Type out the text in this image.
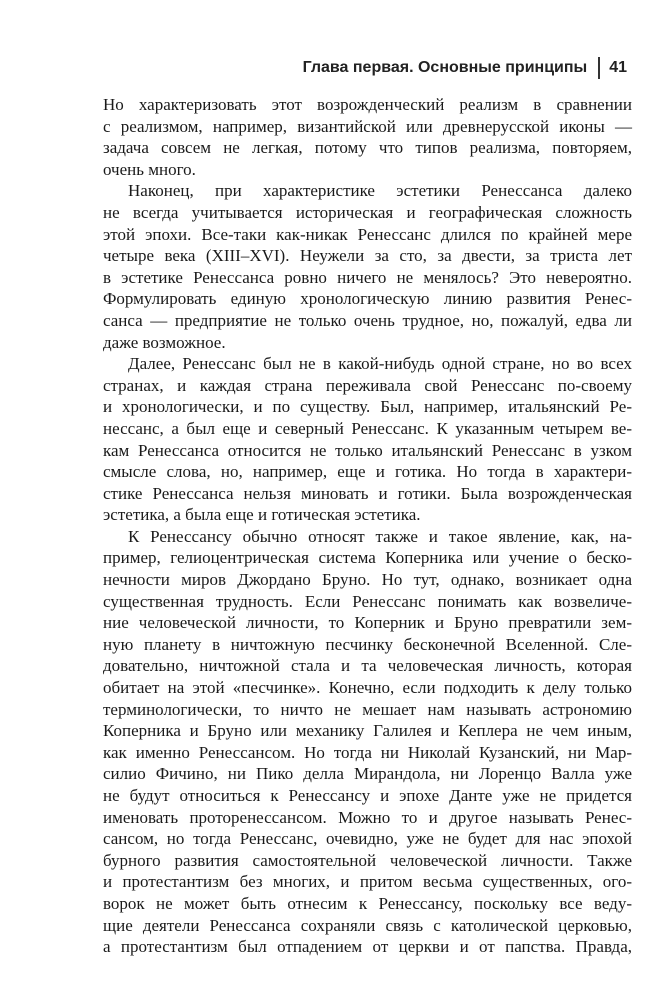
Глава первая. Основные принципы 41
Но характеризовать этот возрожденческий реализм в сравнении
с реализмом, например, византийской или древнерусской иконы —
задача совсем не легкая, потому что типов реализма, повторяем,
очень много.
Наконец, при характеристике эстетики Ренессанса далеко
не всегда учитывается историческая и географическая сложность
этой эпохи. Все-таки как-никак Ренессанс длился по крайней мере
четыре века (XIII–XVI). Неужели за сто, за двести, за триста лет
в эстетике Ренессанса ровно ничего не менялось? Это невероятно.
Формулировать единую хронологическую линию развития Ренес-
санса — предприятие не только очень трудное, но, пожалуй, едва ли
даже возможное.
Далее, Ренессанс был не в какой-нибудь одной стране, но во всех
странах, и каждая страна переживала свой Ренессанс по-своему
и хронологически, и по существу. Был, например, итальянский Ре-
нессанс, а был еще и северный Ренессанс. К указанным четырем ве-
кам Ренессанса относится не только итальянский Ренессанс в узком
смысле слова, но, например, еще и готика. Но тогда в характери-
стике Ренессанса нельзя миновать и готики. Была возрожденческая
эстетика, а была еще и готическая эстетика.
К Ренессансу обычно относят также и такое явление, как, на-
пример, гелиоцентрическая система Коперника или учение о беско-
нечности миров Джордано Бруно. Но тут, однако, возникает одна
существенная трудность. Если Ренессанс понимать как возвеличе-
ние человеческой личности, то Коперник и Бруно превратили зем-
ную планету в ничтожную песчинку бесконечной Вселенной. Сле-
довательно, ничтожной стала и та человеческая личность, которая
обитает на этой «песчинке». Конечно, если подходить к делу только
терминологически, то ничто не мешает нам называть астрономию
Коперника и Бруно или механику Галилея и Кеплера не чем иным,
как именно Ренессансом. Но тогда ни Николай Кузанский, ни Мар-
силио Фичино, ни Пико делла Мирандола, ни Лоренцо Валла уже
не будут относиться к Ренессансу и эпохе Данте уже не придется
именовать проторенессансом. Можно то и другое называть Ренес-
сансом, но тогда Ренессанс, очевидно, уже не будет для нас эпохой
бурного развития самостоятельной человеческой личности. Также
и протестантизм без многих, и притом весьма существенных, ого-
ворок не может быть отнесим к Ренессансу, поскольку все веду-
щие деятели Ренессанса сохраняли связь с католической церковью,
а протестантизм был отпадением от церкви и от папства. Правда,
